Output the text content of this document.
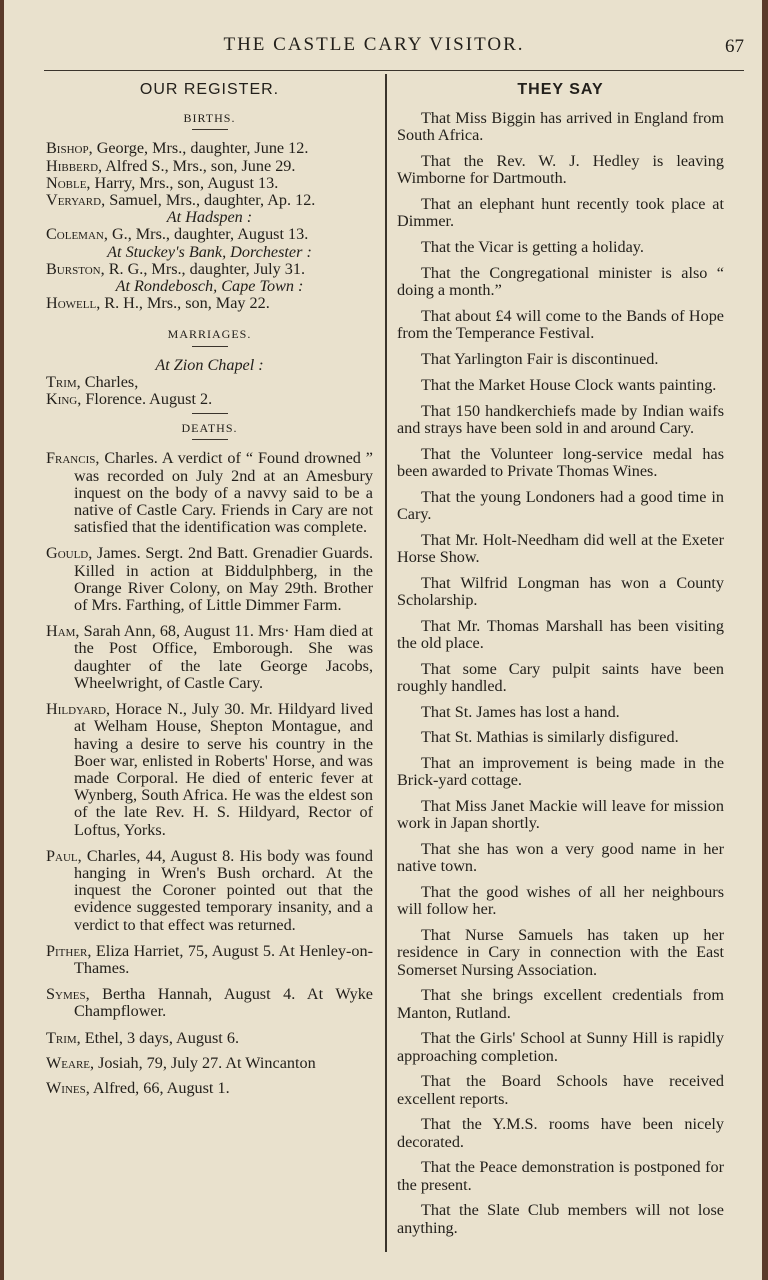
THE CASTLE CARY VISITOR.	67
OUR REGISTER.
BIRTHS.

Bishop, George, Mrs., daughter, June 12.

Hibberd, Alfred S., Mrs., son, June 29.

Noble, Harry, Mrs., son, August 13.

Veryard, Samuel, Mrs., daughter, Ap. 12.

At Hadspen :

Coleman, G., Mrs., daughter, August 13.

At Stuckey's Bank, Dorchester :

Burston, R. G., Mrs., daughter, July 31.

At Rondebosch, Cape Town :

Howell, R. H., Mrs., son, May 22.

MARRIAGES.

At Zion Chapel :

Trim, Charles,

King, Florence. August 2.

DEATHS.

Francis, Charles. A verdict of “ Found drowned ” was recorded on July 2nd at an Amesbury inquest on the body of a navvy said to be a native of Castle Cary. Friends in Cary are not satisfied that the identification was complete.

Gould, James. Sergt. 2nd Batt. Grenadier Guards. Killed in action at Biddulphberg, in the Orange River Colony, on May 29th. Brother of Mrs. Farthing, of Little Dimmer Farm.

Ham, Sarah Ann, 68, August 11. Mrs· Ham died at the Post Office, Emborough. She was daughter of the late George Jacobs, Wheelwright, of Castle Cary.

Hildyard, Horace N., July 30. Mr. Hildyard lived at Welham House, Shepton Montague, and having a desire to serve his country in the Boer war, enlisted in Roberts' Horse, and was made Corporal. He died of enteric fever at Wynberg, South Africa. He was the eldest son of the late Rev. H. S. Hildyard, Rector of Loftus, Yorks.

Paul, Charles, 44, August 8. His body was found hanging in Wren's Bush orchard. At the inquest the Coroner pointed out that the evidence suggested temporary insanity, and a verdict to that effect was returned.

Pither, Eliza Harriet, 75, August 5. At Henley-on-Thames.

Symes, Bertha Hannah, August 4. At Wyke Champflower.

Trim, Ethel, 3 days, August 6.

Weare, Josiah, 79, July 27. At Wincanton

Wines, Alfred, 66, August 1.

THEY SAY

That Miss Biggin has arrived in England from South Africa.

That the Rev. W. J. Hedley is leaving Wimborne for Dartmouth.

That an elephant hunt recently took place at Dimmer.

That the Vicar is getting a holiday.

That the Congregational minister is also “ doing a month.”

That about £4 will come to the Bands of Hope from the Temperance Festival.

That Yarlington Fair is discontinued.

That the Market House Clock wants painting.

That 150 handkerchiefs made by Indian waifs and strays have been sold in and around Cary.

That the Volunteer long-service medal has been awarded to Private Thomas Wines.

That the young Londoners had a good time in Cary.

That Mr. Holt-Needham did well at the Exeter Horse Show.

That Wilfrid Longman has won a County Scholarship.

That Mr. Thomas Marshall has been visiting the old place.

That some Cary pulpit saints have been roughly handled.

That St. James has lost a hand.

That St. Mathias is similarly disfigured.

That an improvement is being made in the Brick-yard cottage.

That Miss Janet Mackie will leave for mission work in Japan shortly.

That she has won a very good name in her native town.

That the good wishes of all her neighbours will follow her.

That Nurse Samuels has taken up her residence in Cary in connection with the East Somerset Nursing Association.

That she brings excellent credentials from Manton, Rutland.

That the Girls' School at Sunny Hill is rapidly approaching completion.

That the Board Schools have received excellent reports.

That the Y.M.S. rooms have been nicely decorated.

That the Peace demonstration is postponed for the present.

That the Slate Club members will not lose anything.
